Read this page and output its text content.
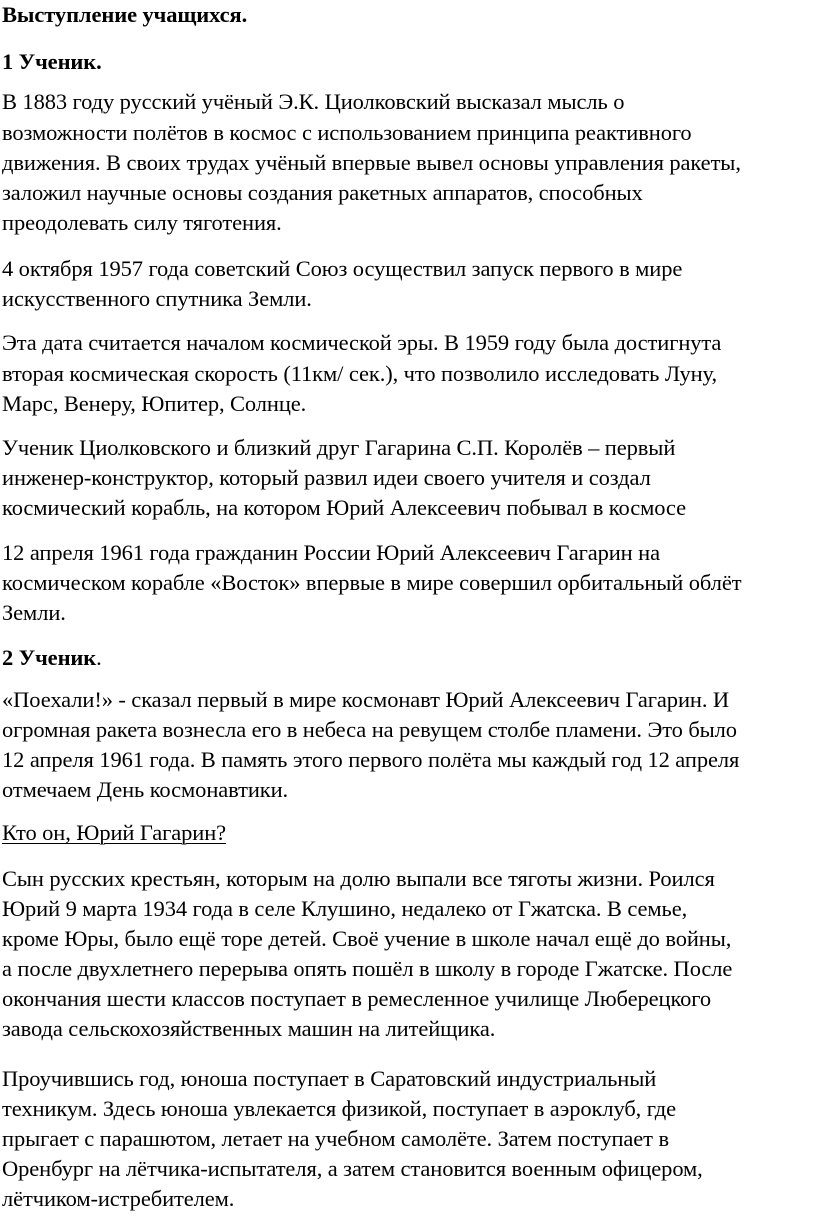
Выступление учащихся.
1 Ученик.
В 1883 году русский учёный Э.К. Циолковский высказал мысль о
возможности полётов в космос с использованием принципа реактивного
движения. В своих трудах учёный впервые вывел основы управления ракеты,
заложил научные основы создания ракетных аппаратов, способных
преодолевать силу тяготения.
4 октября 1957 года советский Союз осуществил запуск первого в мире
искусственного спутника Земли.
Эта дата считается началом космической эры. В 1959 году была достигнута
вторая космическая скорость (11км/ сек.), что позволило исследовать Луну,
Марс, Венеру, Юпитер, Солнце.
Ученик Циолковского и близкий друг Гагарина С.П. Королёв – первый
инженер-конструктор, который развил идеи своего учителя и создал
космический корабль, на котором Юрий Алексеевич побывал в космосе
12 апреля 1961 года гражданин России Юрий Алексеевич Гагарин на
космическом корабле «Восток» впервые в мире совершил орбитальный облёт
Земли.
2 Ученик.
«Поехали!» - сказал первый в мире космонавт Юрий Алексеевич Гагарин. И
огромная ракета вознесла его в небеса на ревущем столбе пламени. Это было
12 апреля 1961 года. В память этого первого полёта мы каждый год 12 апреля
отмечаем День космонавтики.
Кто он, Юрий Гагарин?
Сын русских крестьян, которым на долю выпали все тяготы жизни. Роился
Юрий 9 марта 1934 года в селе Клушино, недалеко от Гжатска. В семье,
кроме Юры, было ещё торе детей. Своё учение в школе начал ещё до войны,
а после двухлетнего перерыва опять пошёл в школу в городе Гжатске. После
окончания шести классов поступает в ремесленное училище Люберецкого
завода сельскохозяйственных машин на литейщика.
Проучившись год, юноша поступает в Саратовский индустриальный
техникум. Здесь юноша увлекается физикой, поступает в аэроклуб, где
прыгает с парашютом, летает на учебном самолёте. Затем поступает в
Оренбург на лётчика-испытателя, а затем становится военным офицером,
лётчиком-истребителем.
